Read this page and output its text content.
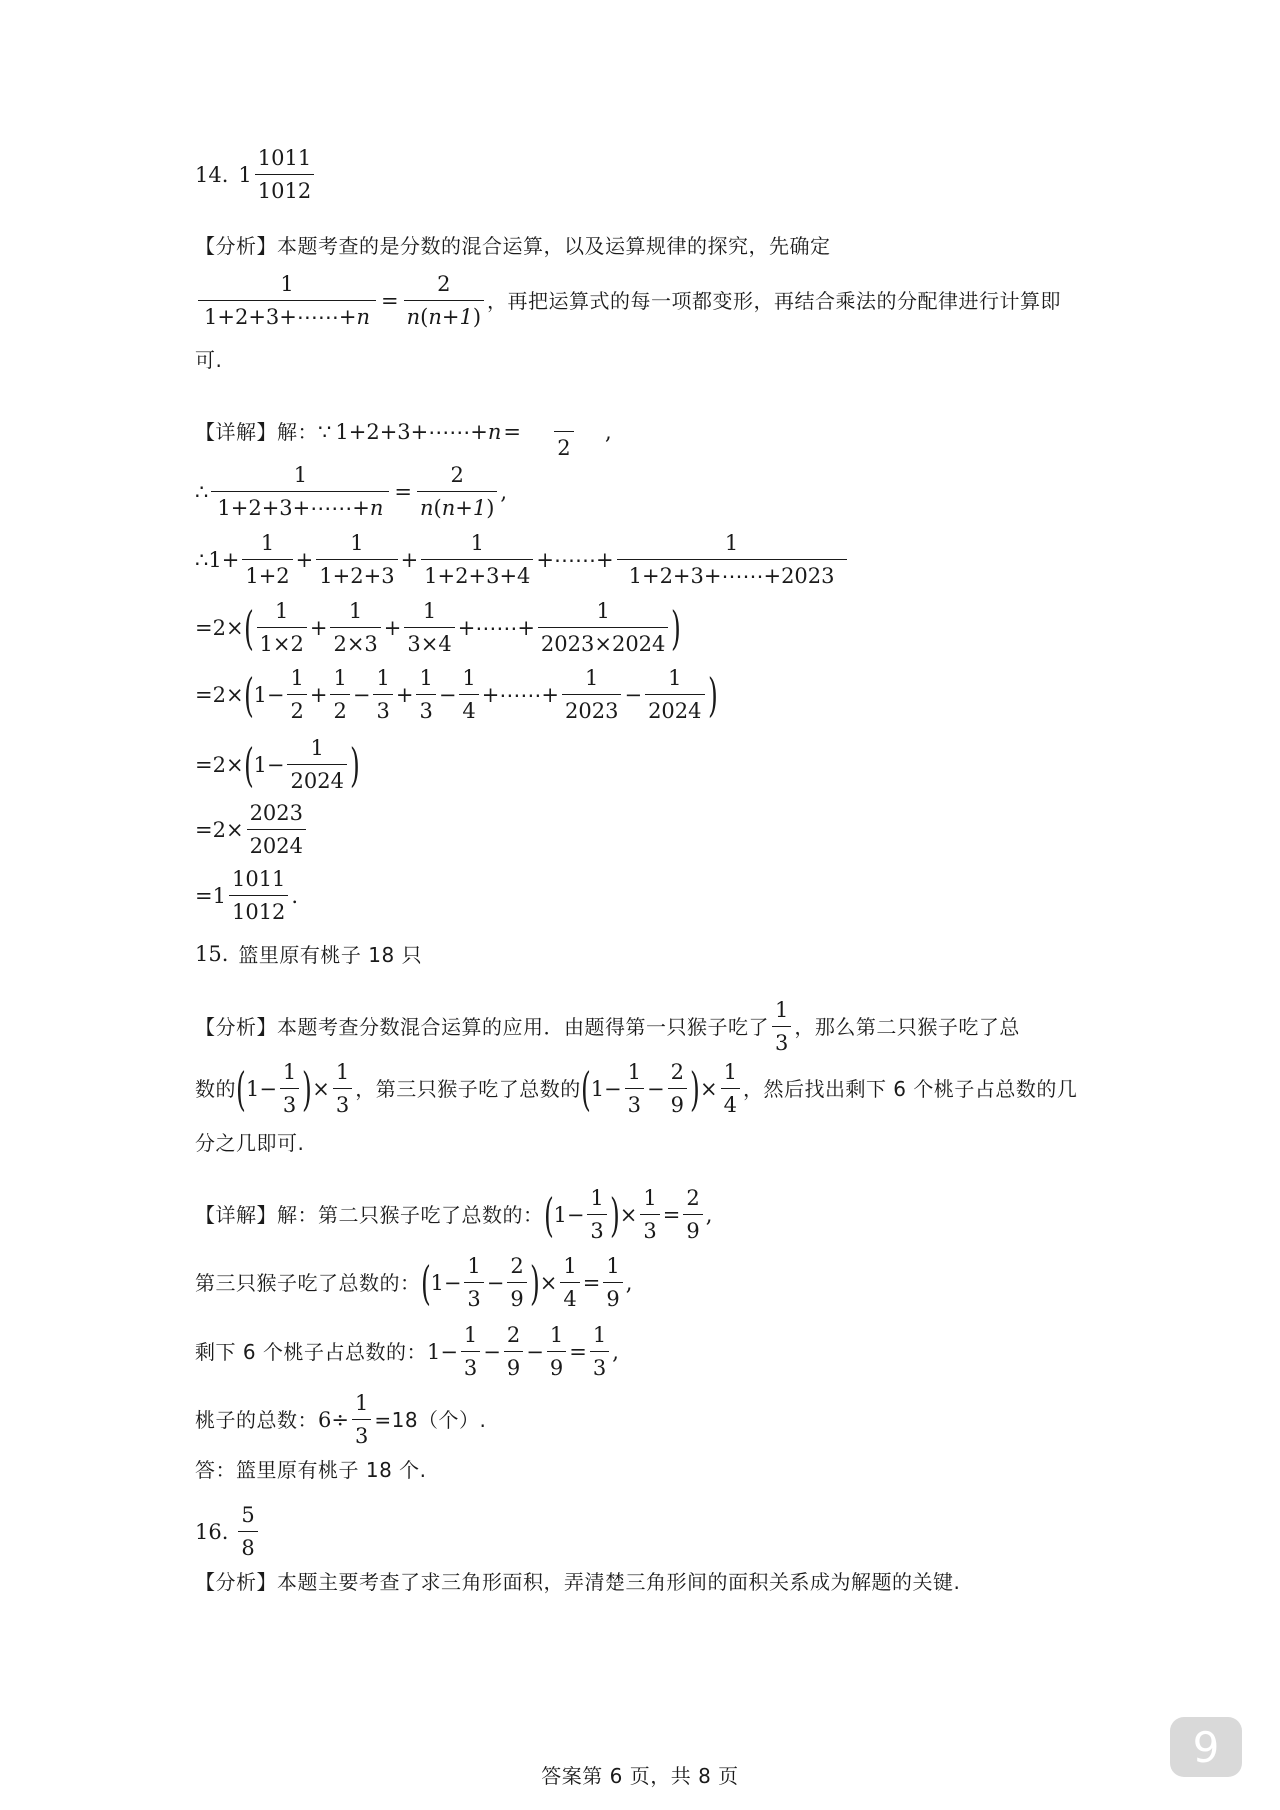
14. $1 \frac{1011}{1012}$
【分析】 本题考查的是分数的混合运算，以及运算规律的探究，先确定
$\frac{1}{1+2+3+\cdots\cdots+n} = \frac{2}{n(n+1)}$ ，再把运算式的每一项都变形，再结合乘法的分配律进行计算即
可.
【详解】 解： ∵ 1+2+3+⋯⋯+ n =

2
,
∴ $\frac{1}{1+2+3+\cdots\cdots+n} = \frac{2}{n(n+1)}$ ,
∴ $1+ \frac{1}{1+2} + \frac{1}{1+2+3} + \frac{1}{1+2+3+4}$ +⋯⋯+ $\frac{1}{1+2+3+\cdots\cdots+2023}$
=2× ( $\frac{1}{1\times 2} + \frac{1}{2\times 3} + \frac{1}{3\times 4}$ +⋯⋯+ $\frac{1}{2023\times 2024}$ )
=2× ( $1- \frac{1}{2} + \frac{1}{2} - \frac{1}{3} + \frac{1}{3} - \frac{1}{4}$ +⋯⋯+ $\frac{1}{2023} - \frac{1}{2024}$ )
=2× ( $1- \frac{1}{2024}$ )
$=2\times \frac{2023}{2024}$
$=1 \frac{1011}{1012}$ .
15. 篮里原有桃子 18 只
【分析】 本题考查分数混合运算的应用．由题得第一只猴子吃了 $\frac{1}{3}$ ，那么第二只猴子吃了总
数的 ( $1- \frac{1}{3}$ ) × $\frac{1}{3}$ ，第三只猴子吃了总数的 ( $1- \frac{1}{3} - \frac{2}{9}$ ) × $\frac{1}{4}$ ，然后找出剩下 6 个桃子占总数的几
分之几即可.
【详解】 解：第二只猴子吃了总数的： ( $1- \frac{1}{3}$ ) × $\frac{1}{3} = \frac{2}{9}$ ,
第三只猴子吃了总数的： ( $1- \frac{1}{3} - \frac{2}{9}$ ) × $\frac{1}{4} = \frac{1}{9}$ ,
剩下 6 个桃子占总数的： $1- \frac{1}{3} - \frac{2}{9} - \frac{1}{9} = \frac{1}{3}$ ,
桃子的总数： $6\div \frac{1}{3} =18$（个）.
答：篮里原有桃子 18 个.
16. $\frac{5}{8}$
【分析】 本题主要考查了求三角形面积，弄清楚三角形间的面积关系成为解题的关键.
答案第 6 页，共 8 页
9
